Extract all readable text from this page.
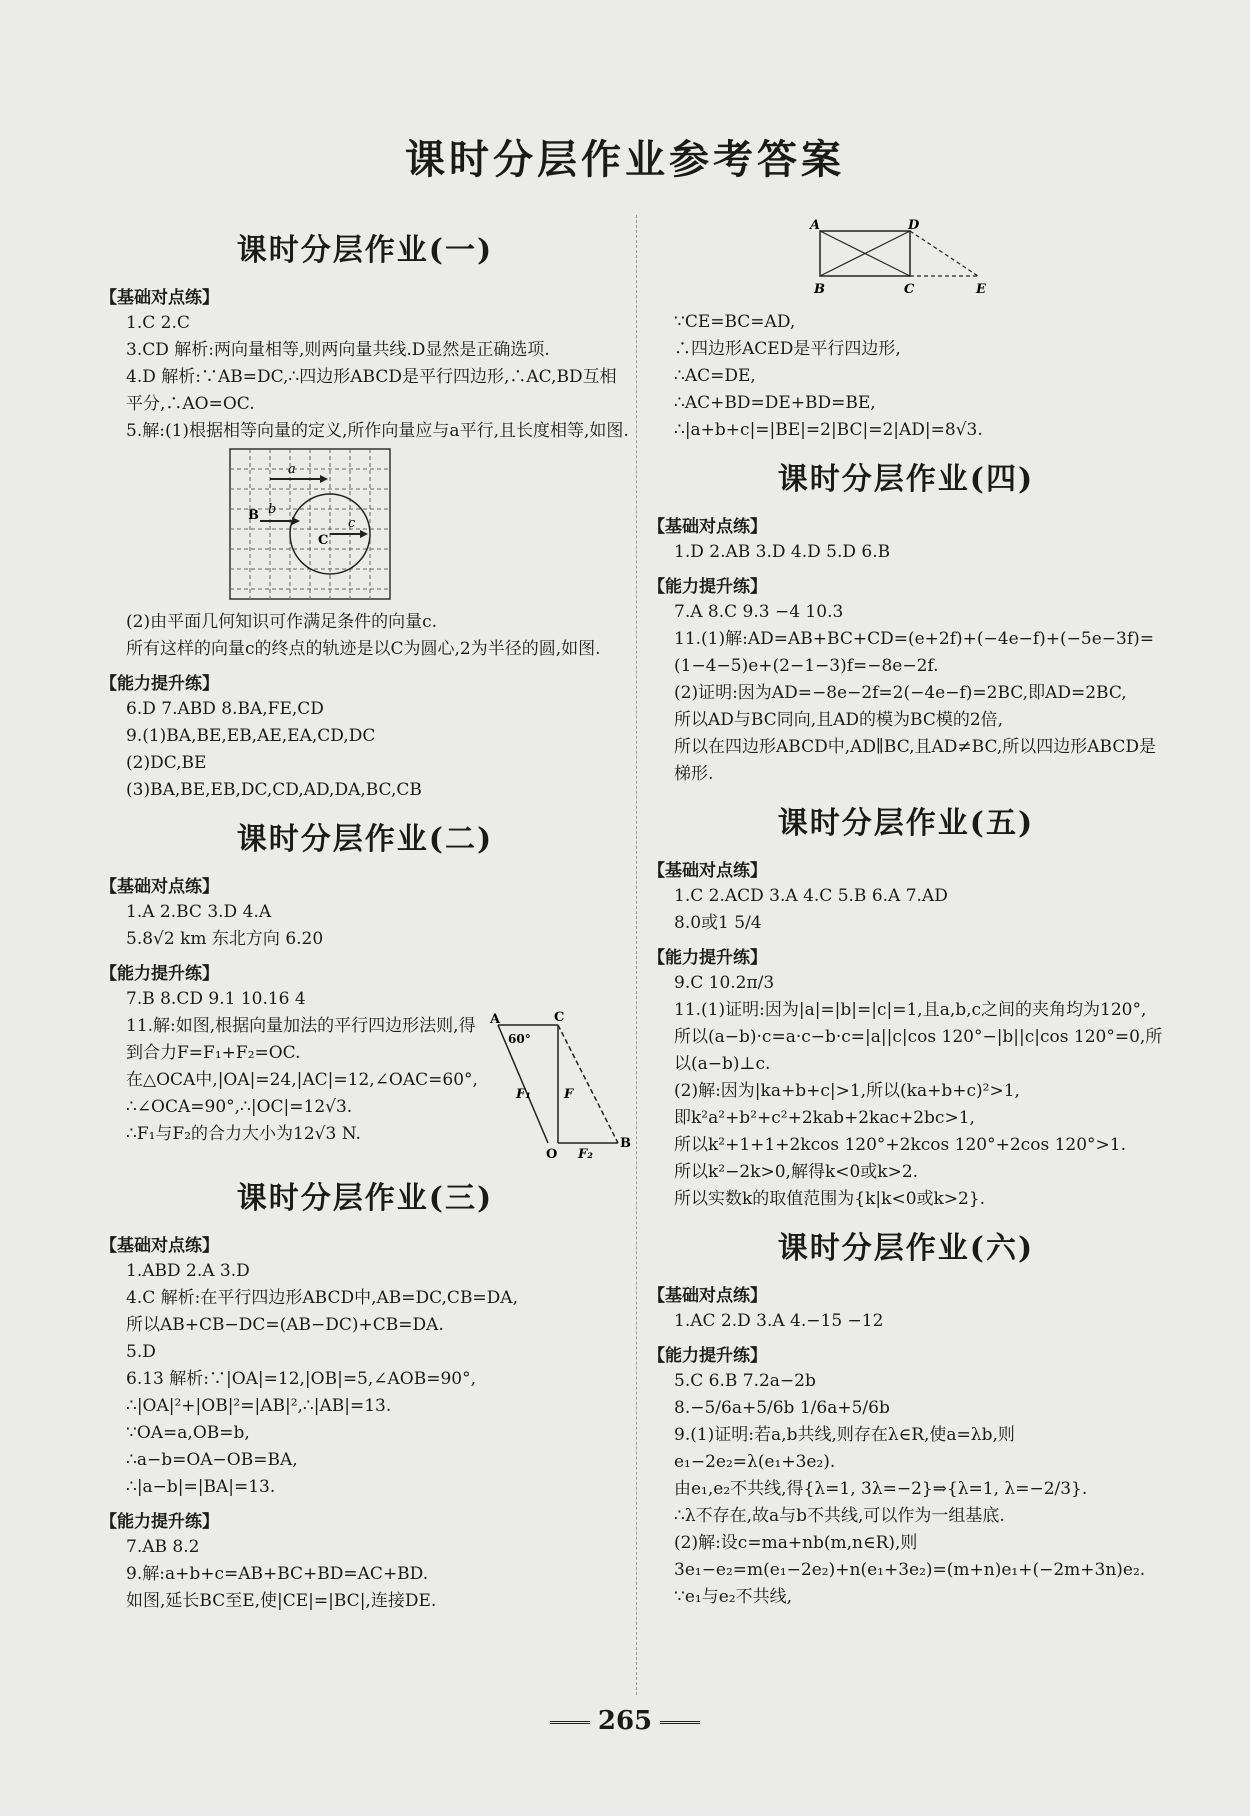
课时分层作业参考答案
课时分层作业(一)
【基础对点练】
1.C 2.C
3.CD 解析:两向量相等,则两向量共线.D显然是正确选项.
4.D 解析:∵AB=DC,∴四边形ABCD是平行四边形,∴AC,BD互相平分,∴AO=OC.
5.解:(1)根据相等向量的定义,所作向量应与a平行,且长度相等,如图.
a
B b
C
c
(2)由平面几何知识可作满足条件的向量c.
所有这样的向量c的终点的轨迹是以C为圆心,2为半径的圆,如图.
【能力提升练】
6.D 7.ABD 8.BA,FE,CD
9.(1)BA,BE,EB,AE,EA,CD,DC
(2)DC,BE
(3)BA,BE,EB,DC,CD,AD,DA,BC,CB
课时分层作业(二)
【基础对点练】
1.A 2.BC 3.D 4.A
5.8√2 km 东北方向 6.20
【能力提升练】
7.B 8.CD 9.1 10.16 4
11.解:如图,根据向量加法的平行四边形法则,得到合力F=F₁+F₂=OC.
在△OCA中,|OA|=24,|AC|=12,∠OAC=60°,
∴∠OCA=90°,∴|OC|=12√3.
∴F₁与F₂的合力大小为12√3 N.
A	C
60°
F₁	F
O F₂
B
课时分层作业(三)
【基础对点练】
1.ABD 2.A 3.D
4.C 解析:在平行四边形ABCD中,AB=DC,CB=DA,
所以AB+CB−DC=(AB−DC)+CB=DA.
5.D
6.13 解析:∵|OA|=12,|OB|=5,∠AOB=90°,
∴|OA|²+|OB|²=|AB|²,∴|AB|=13.
∵OA=a,OB=b,
∴a−b=OA−OB=BA,
∴|a−b|=|BA|=13.
【能力提升练】
7.AB 8.2
9.解:a+b+c=AB+BC+BD=AC+BD.
如图,延长BC至E,使|CE|=|BC|,连接DE.
A	D
B	C	E
∵CE=BC=AD,
∴四边形ACED是平行四边形,
∴AC=DE,
∴AC+BD=DE+BD=BE,
∴|a+b+c|=|BE|=2|BC|=2|AD|=8√3.
课时分层作业(四)
【基础对点练】
1.D 2.AB 3.D 4.D 5.D 6.B
【能力提升练】
7.A 8.C 9.3 −4 10.3
11.(1)解:AD=AB+BC+CD=(e+2f)+(−4e−f)+(−5e−3f)=(1−4−5)e+(2−1−3)f=−8e−2f.
(2)证明:因为AD=−8e−2f=2(−4e−f)=2BC,即AD=2BC,
所以AD与BC同向,且AD的模为BC模的2倍,
所以在四边形ABCD中,AD∥BC,且AD≠BC,所以四边形ABCD是梯形.
课时分层作业(五)
【基础对点练】
1.C 2.ACD 3.A 4.C 5.B 6.A 7.AD
8.0或1 5/4
【能力提升练】
9.C 10.2π/3
11.(1)证明:因为|a|=|b|=|c|=1,且a,b,c之间的夹角均为120°,
所以(a−b)·c=a·c−b·c=|a||c|cos 120°−|b||c|cos 120°=0,所以(a−b)⊥c.
(2)解:因为|ka+b+c|>1,所以(ka+b+c)²>1,
即k²a²+b²+c²+2kab+2kac+2bc>1,
所以k²+1+1+2kcos 120°+2kcos 120°+2cos 120°>1.
所以k²−2k>0,解得k<0或k>2.
所以实数k的取值范围为{k|k<0或k>2}.
课时分层作业(六)
【基础对点练】
1.AC 2.D 3.A 4.−15 −12
【能力提升练】
5.C 6.B 7.2a−2b
8.−5/6a+5/6b 1/6a+5/6b
9.(1)证明:若a,b共线,则存在λ∈R,使a=λb,则e₁−2e₂=λ(e₁+3e₂).
由e₁,e₂不共线,得{λ=1, 3λ=−2}⇒{λ=1, λ=−2/3}.
∴λ不存在,故a与b不共线,可以作为一组基底.
(2)解:设c=ma+nb(m,n∈R),则
3e₁−e₂=m(e₁−2e₂)+n(e₁+3e₂)=(m+n)e₁+(−2m+3n)e₂.
∵e₁与e₂不共线,
265
